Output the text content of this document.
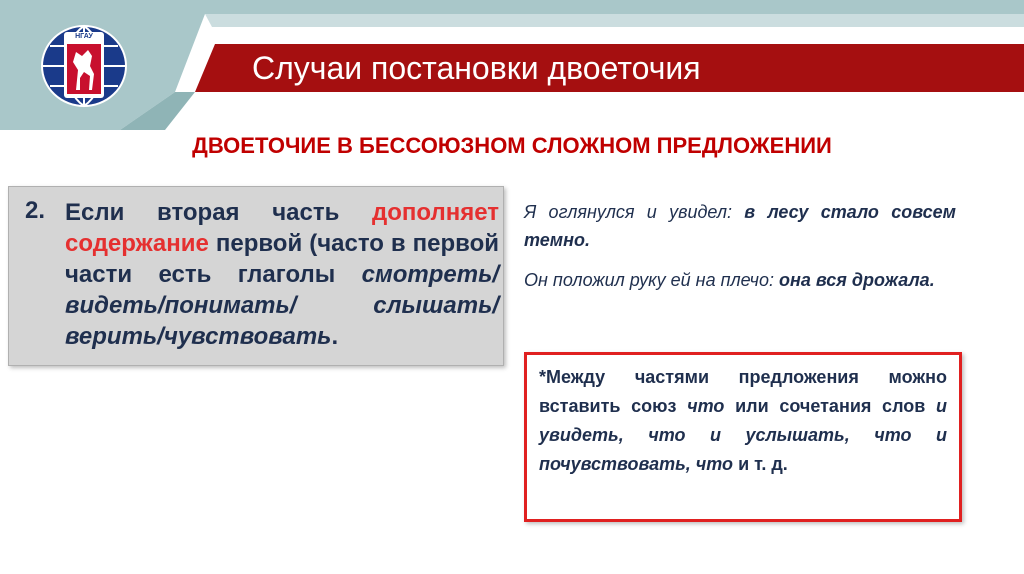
НГАУ
Случаи постановки двоеточия
ДВОЕТОЧИЕ В БЕССОЮЗНОМ СЛОЖНОМ ПРЕДЛОЖЕНИИ
2. Если вторая часть дополняет содержание первой (часто в первой части есть глаголы смотреть/видеть/понимать/ слышать/верить/чувствовать.
Я оглянулся и увидел: в лесу стало совсем темно.
Он положил руку ей на плечо: она вся дрожала.
*Между частями предложения можно вставить союз что или сочетания слов и увидеть, что и услышать, что и почувствовать, что и т. д.
